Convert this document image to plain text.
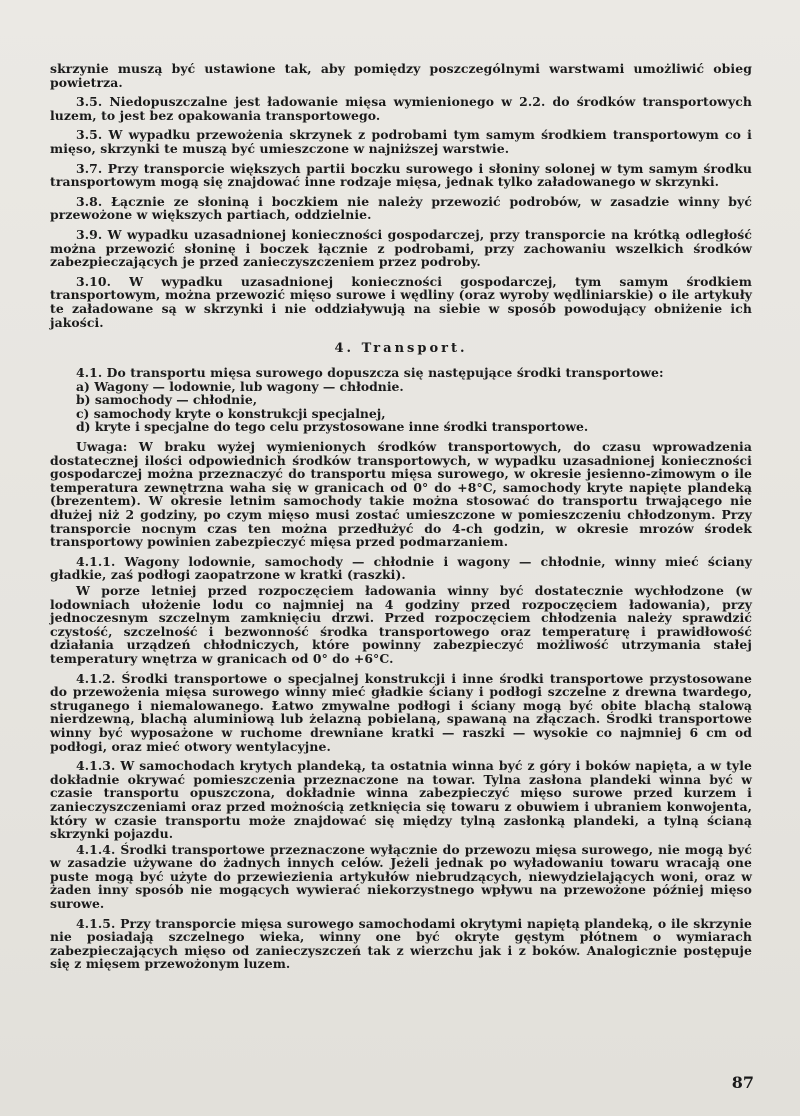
skrzynie muszą być ustawione tak, aby pomiędzy poszczególnymi warstwami umożliwić obieg powietrza.

3.5. Niedopuszczalne jest ładowanie mięsa wymienionego w 2.2. do środków transportowych luzem, to jest bez opakowania transportowego.

3.5. W wypadku przewożenia skrzynek z podrobami tym samym środkiem transportowym co i mięso, skrzynki te muszą być umieszczone w najniższej warstwie.

3.7. Przy transporcie większych partii boczku surowego i słoniny solonej w tym samym środku transportowym mogą się znajdować inne rodzaje mięsa, jednak tylko załadowanego w skrzynki.

3.8. Łącznie ze słoniną i boczkiem nie należy przewozić podrobów, w zasadzie winny być przewożone w większych partiach, oddzielnie.

3.9. W wypadku uzasadnionej konieczności gospodarczej, przy transporcie na krótką odległość można przewozić słoninę i boczek łącznie z podrobami, przy zachowaniu wszelkich środków zabezpieczających je przed zanieczyszczeniem przez podroby.

3.10. W wypadku uzasadnionej konieczności gospodarczej, tym samym środkiem transportowym, można przewozić mięso surowe i wędliny (oraz wyroby wędliniarskie) o ile artykuły te załadowane są w skrzynki i nie oddziaływują na siebie w sposób powodujący obniżenie ich jakości.

4. Transport.

4.1. Do transportu mięsa surowego dopuszcza się następujące środki transportowe:

a) Wagony — lodownie, lub wagony — chłodnie.
b) samochody — chłodnie,
c) samochody kryte o konstrukcji specjalnej,
d) kryte i specjalne do tego celu przystosowane inne środki transportowe.

Uwaga: W braku wyżej wymienionych środków transportowych, do czasu wprowadzenia dostatecznej ilości odpowiednich środków transportowych, w wypadku uzasadnionej konieczności gospodarczej można przeznaczyć do transportu mięsa surowego, w okresie jesienno-zimowym o ile temperatura zewnętrzna waha się w granicach od 0° do +8°C, samochody kryte napięte plandeką (brezentem). W okresie letnim samochody takie można stosować do transportu trwającego nie dłużej niż 2 godziny, po czym mięso musi zostać umieszczone w pomieszczeniu chłodzonym. Przy transporcie nocnym czas ten można przedłużyć do 4-ch godzin, w okresie mrozów środek transportowy powinien zabezpieczyć mięsa przed podmarzaniem.

4.1.1. Wagony lodownie, samochody — chłodnie i wagony — chłodnie, winny mieć ściany gładkie, zaś podłogi zaopatrzone w kratki (raszki).

W porze letniej przed rozpoczęciem ładowania winny być dostatecznie wychłodzone (w lodowniach ułożenie lodu co najmniej na 4 godziny przed rozpoczęciem ładowania), przy jednoczesnym szczelnym zamknięciu drzwi. Przed rozpoczęciem chłodzenia należy sprawdzić czystość, szczelność i bezwonność środka transportowego oraz temperaturę i prawidłowość działania urządzeń chłodniczych, które powinny zabezpieczyć możliwość utrzymania stałej temperatury wnętrza w granicach od 0° do +6°C.

4.1.2. Środki transportowe o specjalnej konstrukcji i inne środki transportowe przystosowane do przewożenia mięsa surowego winny mieć gładkie ściany i podłogi szczelne z drewna twardego, struganego i niemalowanego. Łatwo zmywalne podłogi i ściany mogą być obite blachą stalową nierdzewną, blachą aluminiową lub żelazną pobielaną, spawaną na złączach. Środki transportowe winny być wyposażone w ruchome drewniane kratki — raszki — wysokie co najmniej 6 cm od podłogi, oraz mieć otwory wentylacyjne.

4.1.3. W samochodach krytych plandeką, ta ostatnia winna być z góry i boków napięta, a w tyle dokładnie okrywać pomieszczenia przeznaczone na towar. Tylna zasłona plandeki winna być w czasie transportu opuszczona, dokładnie winna zabezpieczyć mięso surowe przed kurzem i zanieczyszczeniami oraz przed możnością zetknięcia się towaru z obuwiem i ubraniem konwojenta, który w czasie transportu może znajdować się między tylną zasłonką plandeki, a tylną ścianą skrzynki pojazdu.

4.1.4. Środki transportowe przeznaczone wyłącznie do przewozu mięsa surowego, nie mogą być w zasadzie używane do żadnych innych celów. Jeżeli jednak po wyładowaniu towaru wracają one puste mogą być użyte do przewiezienia artykułów niebrudzących, niewydzielających woni, oraz w żaden inny sposób nie mogących wywierać niekorzystnego wpływu na przewożone później mięso surowe.

4.1.5. Przy transporcie mięsa surowego samochodami okrytymi napiętą plandeką, o ile skrzynie nie posiadają szczelnego wieka, winny one być okryte gęstym płótnem o wymiarach zabezpieczających mięso od zanieczyszczeń tak z wierzchu jak i z boków. Analogicznie postępuje się z mięsem przewożonym luzem.

87
